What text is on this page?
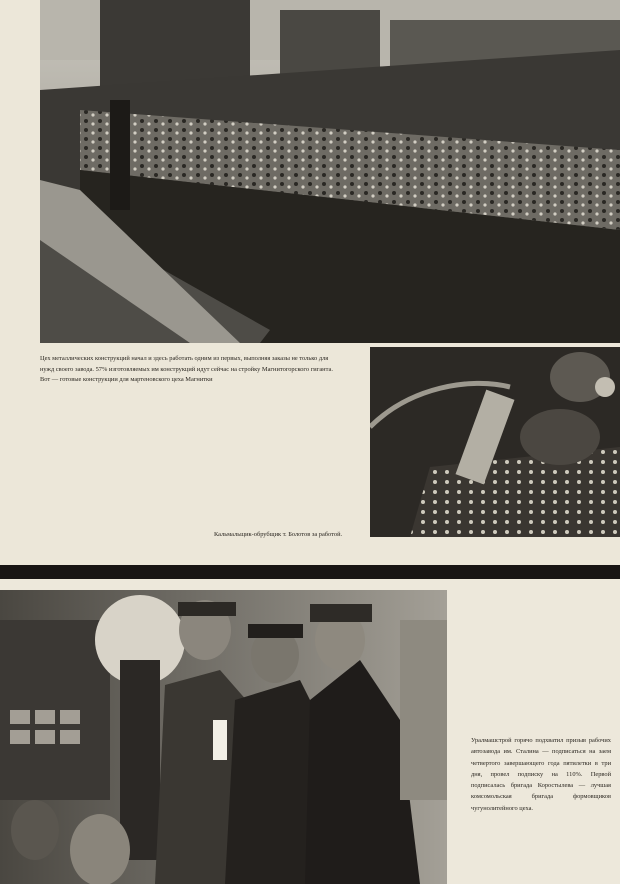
Цех металлических конструкций начал и здесь работать одним из первых, выполняя заказы не только для нужд своего завода. 57% изготовляемых им конструкций идут сейчас на стройку Магнитогорского гиганта. Вот — готовые конструкции для мартеновского цеха Магнитки
Кальмальщик-обрубщик т. Болотов за работой.
Уралмашстрой горячо подхватил призыв рабочих автозавода им. Сталина — подписаться на заем четвертого завершающего года пятилетки в три дня, провел подписку на 110%. Первой подписалась бригада Коростылева — лучшая комсомольская бригада формовщиков чугунолитейного цеха.
